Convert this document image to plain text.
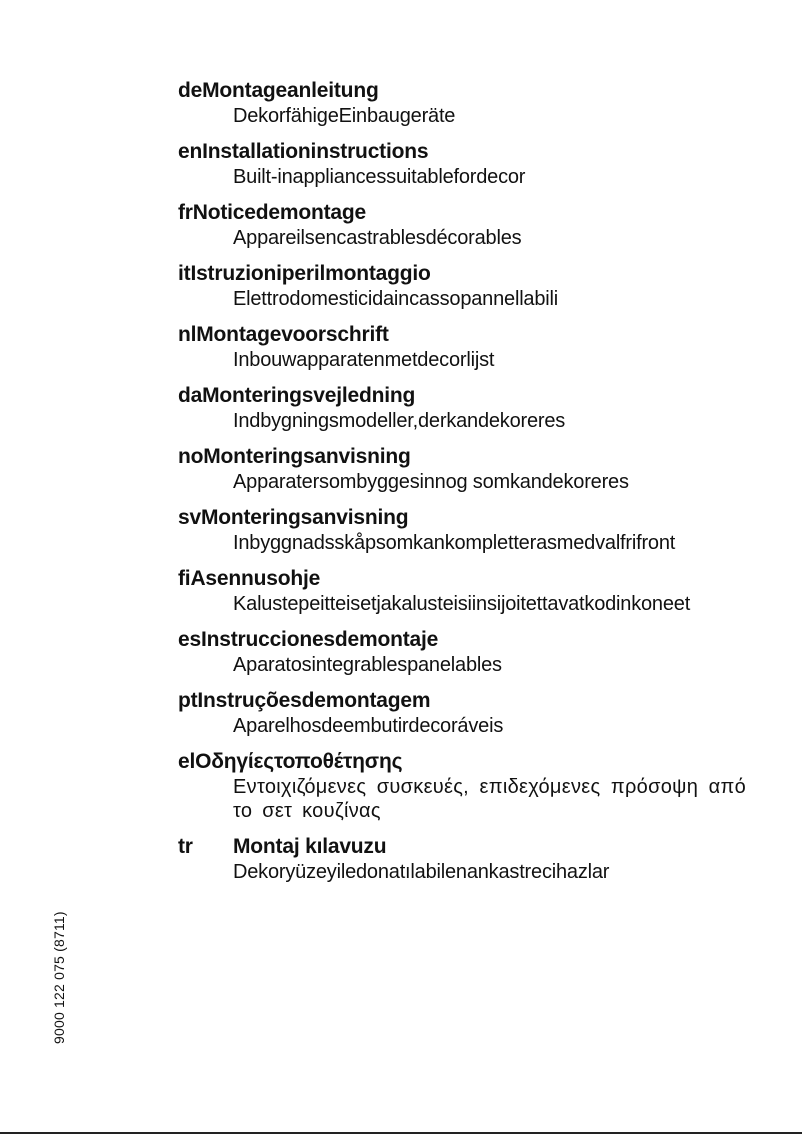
deMontageanleitung
DekorfähigeEinbaugeräte
enInstallationinstructions
Built-inappliancessuitablefordecor
frNoticedemontage
Appareilsencastrablesdécorables
itIstruzioniperilmontaggio
Elettrodomesticidaincassopannellabili
nlMontagevoorschrift
Inbouwapparatenmetdecorlijst
daMonteringsvejledning
Indbygningsmodeller,derkandekoreres
noMonteringsanvisning
Apparatersombyggesinnog somkandekoreres
svMonteringsanvisning
Inbyggnadsskåpsomkankompletterasmedvalfrifront
fiAsennusohje
Kalustepeitteisetjakalusteisiinsijoitettavatkodinkoneet
esInstruccionesdemontaje
Aparatosintegrablespanelables
ptInstruçõesdemontagem
Aparelhosdeembutirdecoráveis
elΟδηγίεςτοποθέτησης
Εντοιχιζόμενες συσκευές, επιδεχόμενες πρόσοψη από το σετ κουζίνας
tr Montaj kılavuzu
Dekoryüzeyiledonatılabilenankastrecihazlar
9000 122 075 (8711)
